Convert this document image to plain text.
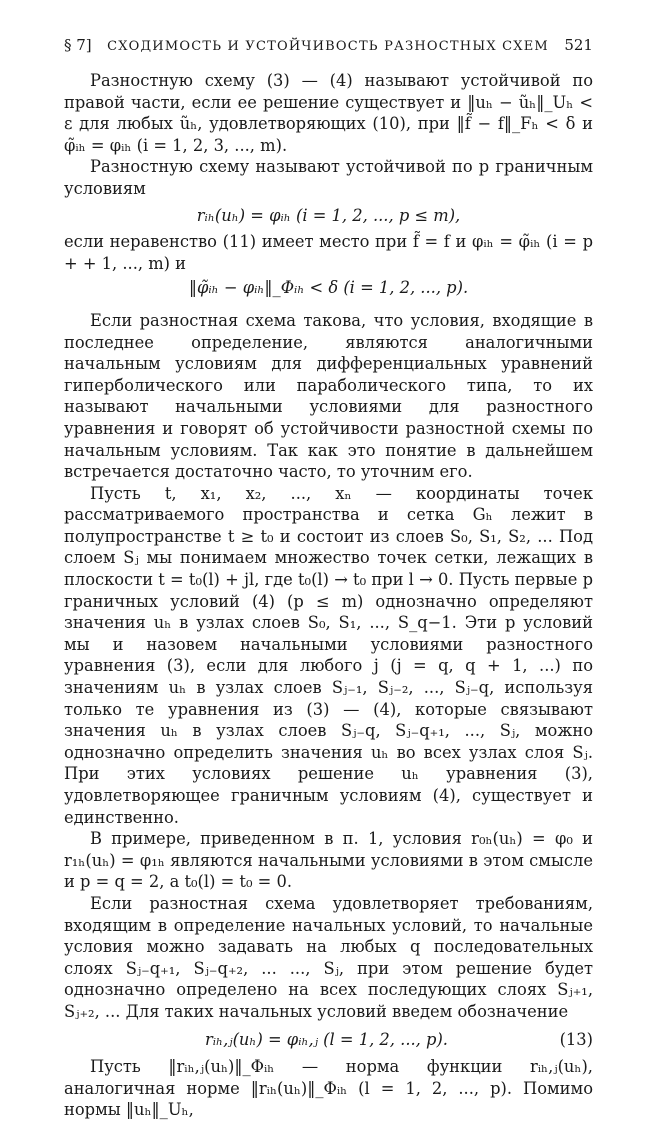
§ 7] СХОДИМОСТЬ И УСТОЙЧИВОСТЬ РАЗНОСТНЫХ СХЕМ 521

Разностную схему (3) — (4) называют устойчивой по правой части, если ее решение существует и ‖uₕ − ũₕ‖_Uₕ < ε для любых ũₕ, удовлетворяющих (10), при ‖f̃ − f‖_Fₕ < δ и φ̃ᵢₕ = φᵢₕ (i = 1, 2, 3, ..., m).

Разностную схему называют устойчивой по p граничным условиям

rᵢₕ(uₕ) = φᵢₕ (i = 1, 2, ..., p ≤ m),

если неравенство (11) имеет место при f̃ = f и φᵢₕ = φ̃ᵢₕ (i = p + + 1, ..., m) и

‖φ̃ᵢₕ − φᵢₕ‖_Φᵢₕ < δ (i = 1, 2, ..., p).

Если разностная схема такова, что условия, входящие в последнее определение, являются аналогичными начальным условиям для дифференциальных уравнений гиперболического или параболического типа, то их называют начальными условиями для разностного уравнения и говорят об устойчивости разностной схемы по начальным условиям. Так как это понятие в дальнейшем встречается достаточно часто, то уточним его.

Пусть t, x₁, x₂, ..., xₙ — координаты точек рассматриваемого пространства и сетка Gₕ лежит в полупространстве t ≥ t₀ и состоит из слоев S₀, S₁, S₂, ... Под слоем Sⱼ мы понимаем множество точек сетки, лежащих в плоскости t = t₀(l) + jl, где t₀(l) → t₀ при l → 0. Пусть первые p граничных условий (4) (p ≤ m) однозначно определяют значения uₕ в узлах слоев S₀, S₁, ..., S_q−1. Эти p условий мы и назовем начальными условиями разностного уравнения (3), если для любого j (j = q, q + 1, ...) по значениям uₕ в узлах слоев Sⱼ₋₁, Sⱼ₋₂, ..., Sⱼ₋q, используя только те уравнения из (3) — (4), которые связывают значения uₕ в узлах слоев Sⱼ₋q, Sⱼ₋q₊₁, ..., Sⱼ, можно однозначно определить значения uₕ во всех узлах слоя Sⱼ. При этих условиях решение uₕ уравнения (3), удовлетворяющее граничным условиям (4), существует и единственно.

В примере, приведенном в п. 1, условия r₀ₕ(uₕ) = φ₀ и r₁ₕ(uₕ) = φ₁ₕ являются начальными условиями в этом смысле и p = q = 2, а t₀(l) = t₀ = 0.

Если разностная схема удовлетворяет требованиям, входящим в определение начальных условий, то начальные условия можно задавать на любых q последовательных слоях Sⱼ₋q₊₁, Sⱼ₋q₊₂, ... ..., Sⱼ, при этом решение будет однозначно определено на всех последующих слоях Sⱼ₊₁, Sⱼ₊₂, ... Для таких начальных условий введем обозначение

rᵢₕ,ⱼ(uₕ) = φᵢₕ,ⱼ (l = 1, 2, ..., p).	(13)

Пусть ‖rᵢₕ,ⱼ(uₕ)‖_Φᵢₕ — норма функции rᵢₕ,ⱼ(uₕ), аналогичная норме ‖rᵢₕ(uₕ)‖_Φᵢₕ (l = 1, 2, ..., p). Помимо нормы ‖uₕ‖_Uₕ,
